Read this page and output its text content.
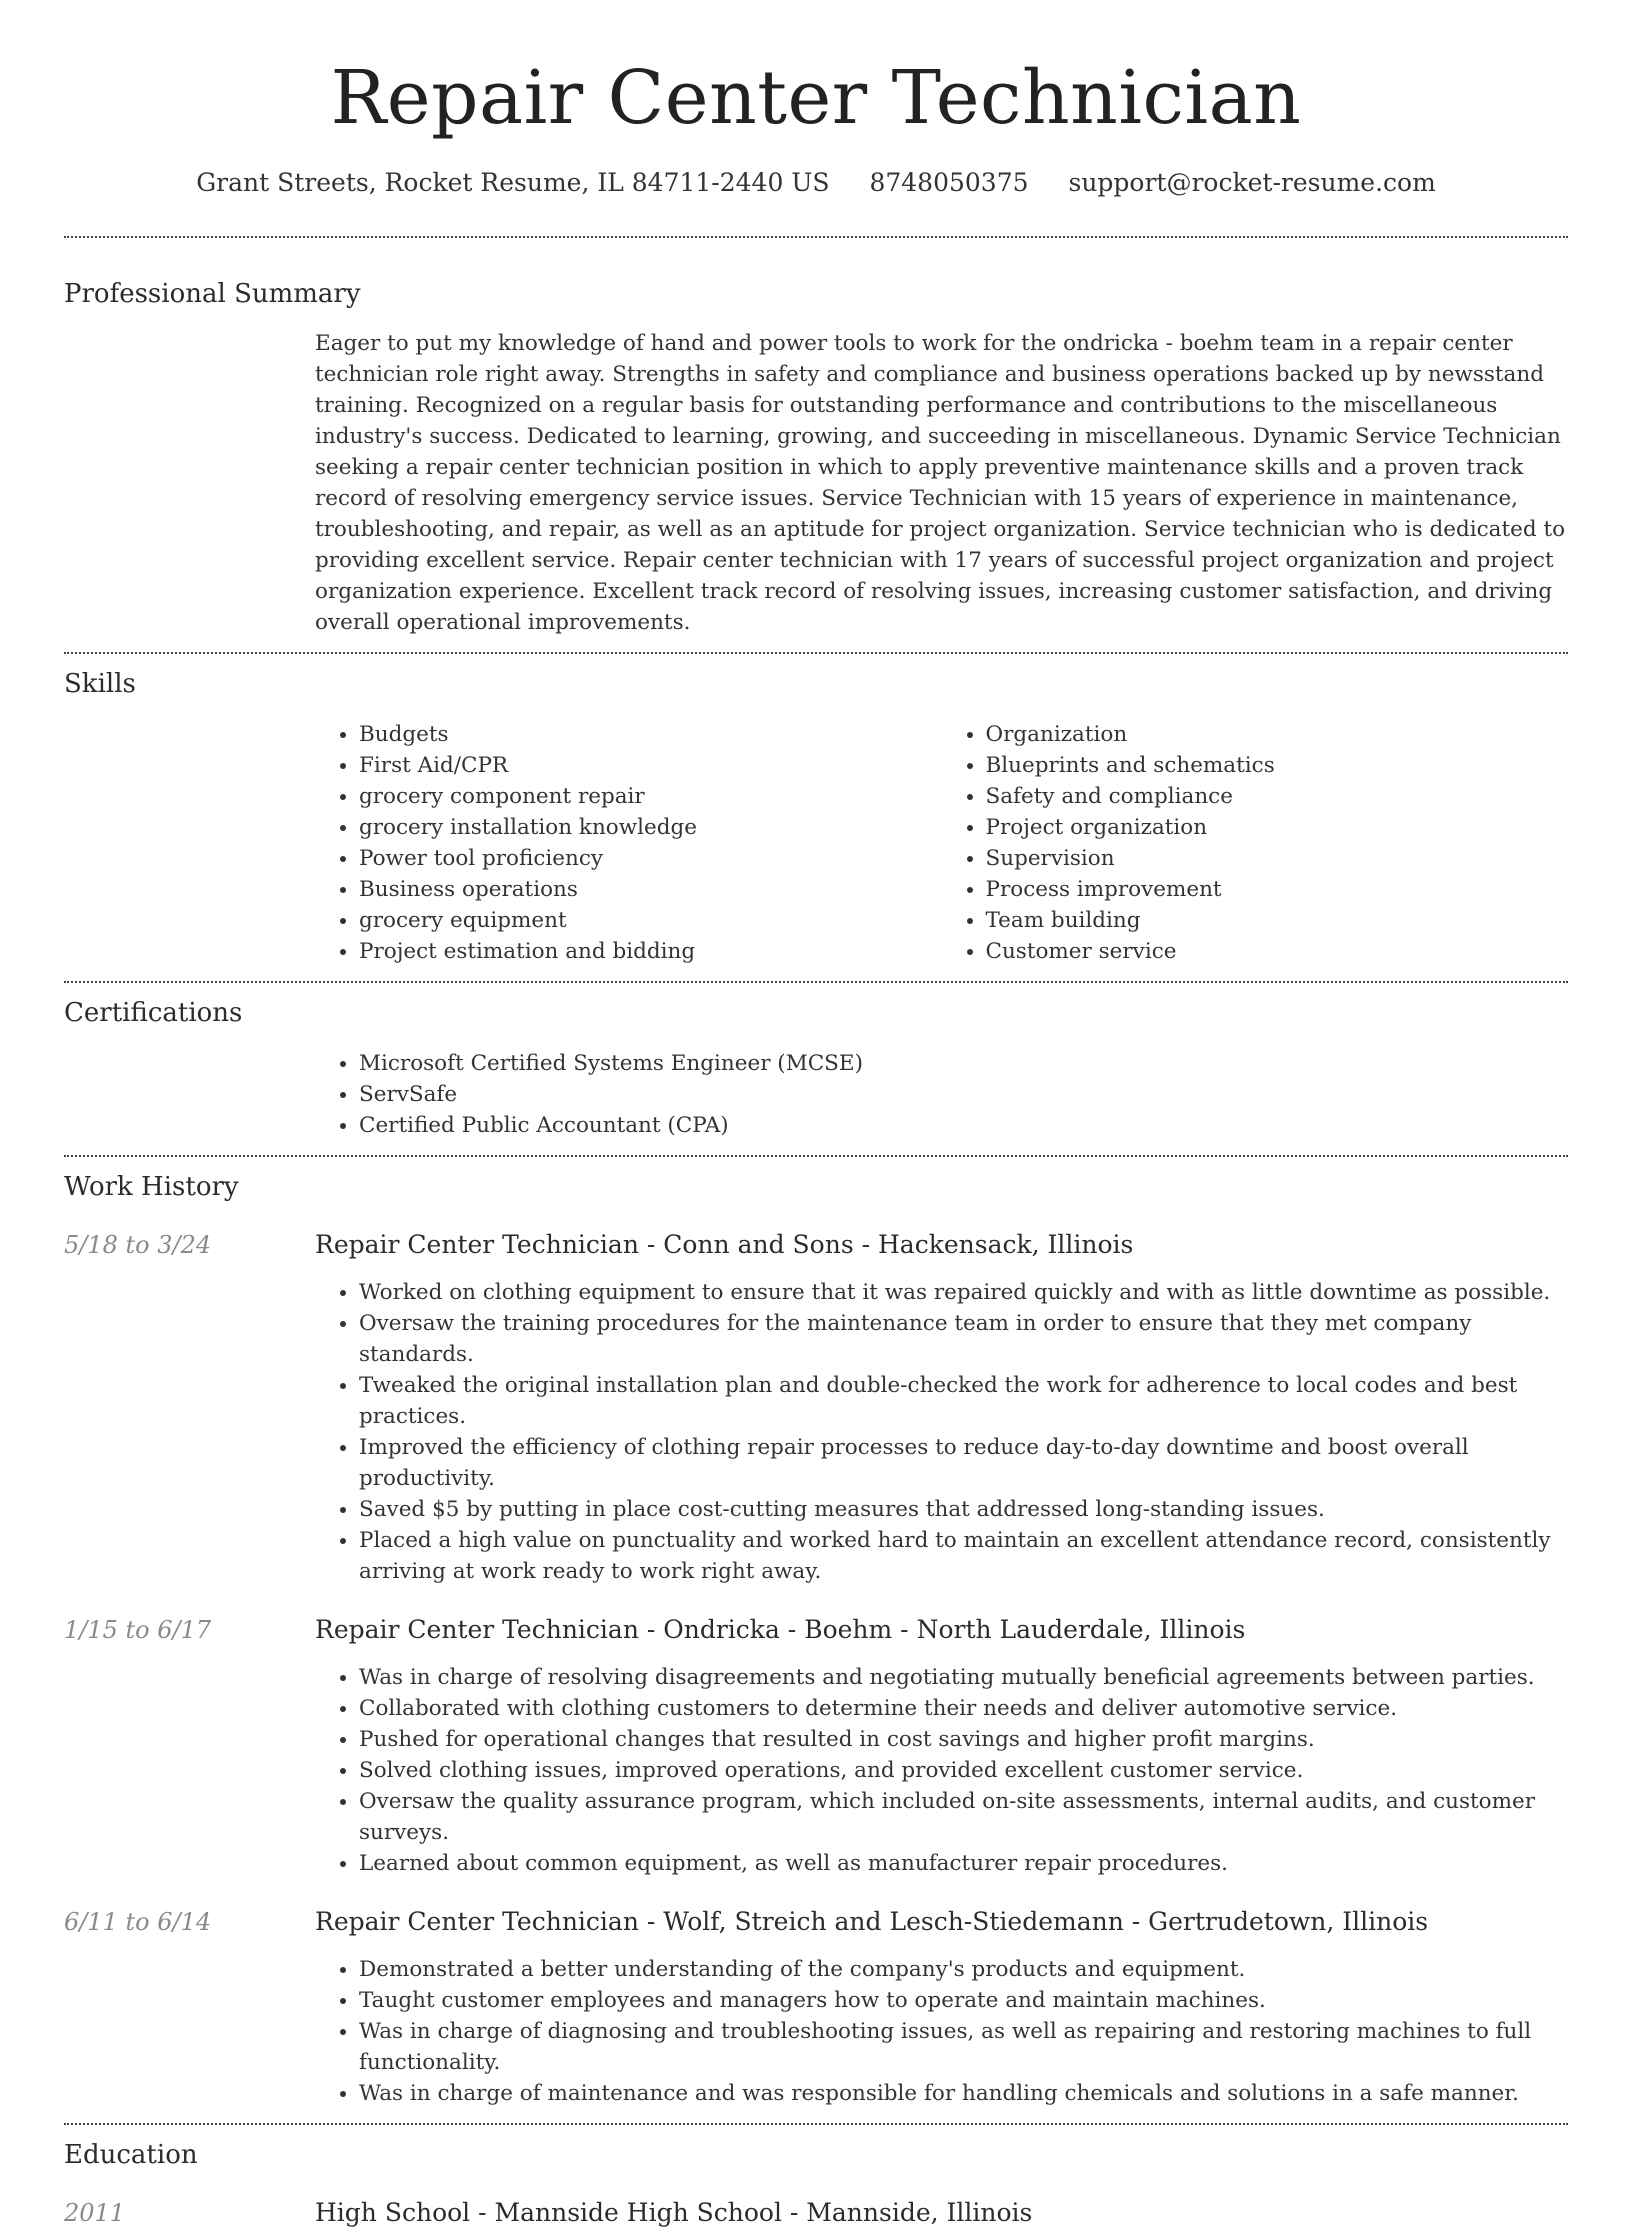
Repair Center Technician
Grant Streets, Rocket Resume, IL 84711-2440 US 8748050375 support@rocket-resume.com
Professional Summary

Eager to put my knowledge of hand and power tools to work for the ondricka - boehm team in a repair center technician role right away. Strengths in safety and compliance and business operations backed up by newsstand training. Recognized on a regular basis for outstanding performance and contributions to the miscellaneous industry's success. Dedicated to learning, growing, and succeeding in miscellaneous. Dynamic Service Technician seeking a repair center technician position in which to apply preventive maintenance skills and a proven track record of resolving emergency service issues. Service Technician with 15 years of experience in maintenance, troubleshooting, and repair, as well as an aptitude for project organization. Service technician who is dedicated to providing excellent service. Repair center technician with 17 years of successful project organization and project organization experience. Excellent track record of resolving issues, increasing customer satisfaction, and driving overall operational improvements.

Skills
• Budgets
• First Aid/CPR
• grocery component repair
• grocery installation knowledge
• Power tool proficiency
• Business operations
• grocery equipment
• Project estimation and bidding
• Organization
• Blueprints and schematics
• Safety and compliance
• Project organization
• Supervision
• Process improvement
• Team building
• Customer service
Certifications
• Microsoft Certified Systems Engineer (MCSE)
• ServSafe
• Certified Public Accountant (CPA)
Work History
5/18 to 3/24	Repair Center Technician - Conn and Sons - Hackensack, Illinois
• Worked on clothing equipment to ensure that it was repaired quickly and with as little downtime as possible.
• Oversaw the training procedures for the maintenance team in order to ensure that they met company standards.
• Tweaked the original installation plan and double-checked the work for adherence to local codes and best practices.
• Improved the efficiency of clothing repair processes to reduce day-to-day downtime and boost overall productivity.
• Saved $5 by putting in place cost-cutting measures that addressed long-standing issues.
• Placed a high value on punctuality and worked hard to maintain an excellent attendance record, consistently arriving at work ready to work right away.
1/15 to 6/17	Repair Center Technician - Ondricka - Boehm - North Lauderdale, Illinois
• Was in charge of resolving disagreements and negotiating mutually beneficial agreements between parties.
• Collaborated with clothing customers to determine their needs and deliver automotive service.
• Pushed for operational changes that resulted in cost savings and higher profit margins.
• Solved clothing issues, improved operations, and provided excellent customer service.
• Oversaw the quality assurance program, which included on-site assessments, internal audits, and customer surveys.
• Learned about common equipment, as well as manufacturer repair procedures.
6/11 to 6/14	Repair Center Technician - Wolf, Streich and Lesch-Stiedemann - Gertrudetown, Illinois
• Demonstrated a better understanding of the company's products and equipment.
• Taught customer employees and managers how to operate and maintain machines.
• Was in charge of diagnosing and troubleshooting issues, as well as repairing and restoring machines to full functionality.
• Was in charge of maintenance and was responsible for handling chemicals and solutions in a safe manner.
Education
2011	High School - Mannside High School - Mannside, Illinois
